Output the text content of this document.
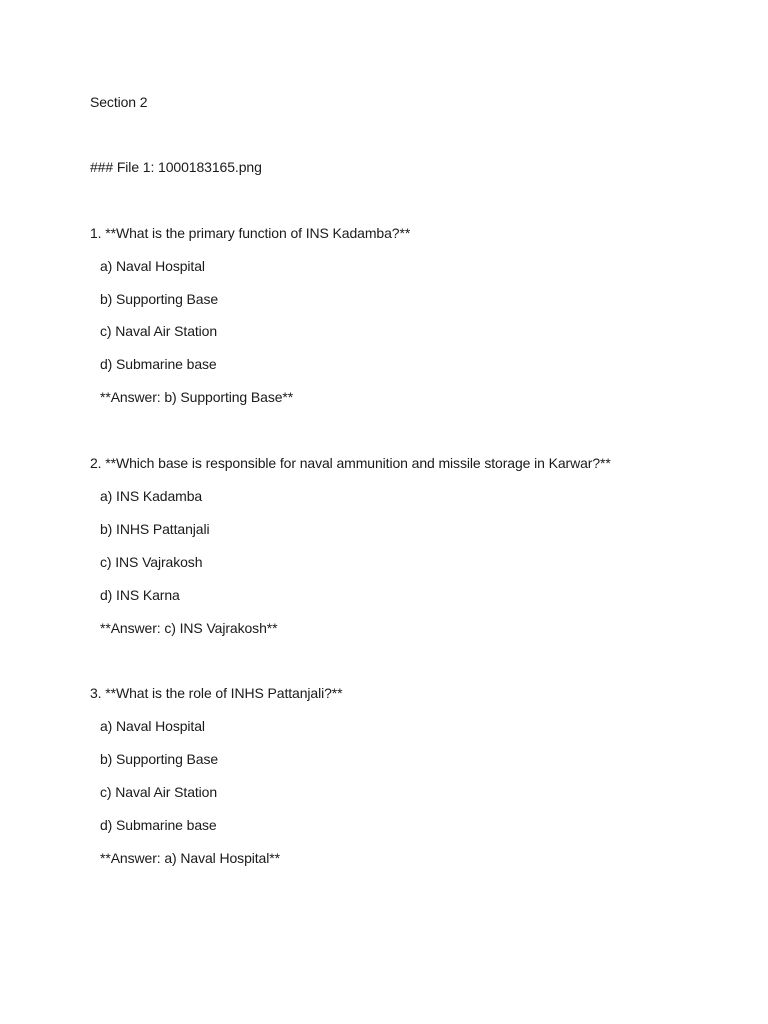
Section 2
### File 1: 1000183165.png
1. **What is the primary function of INS Kadamba?**
a) Naval Hospital
b) Supporting Base
c) Naval Air Station
d) Submarine base
**Answer: b) Supporting Base**
2. **Which base is responsible for naval ammunition and missile storage in Karwar?**
a) INS Kadamba
b) INHS Pattanjali
c) INS Vajrakosh
d) INS Karna
**Answer: c) INS Vajrakosh**
3. **What is the role of INHS Pattanjali?**
a) Naval Hospital
b) Supporting Base
c) Naval Air Station
d) Submarine base
**Answer: a) Naval Hospital**
